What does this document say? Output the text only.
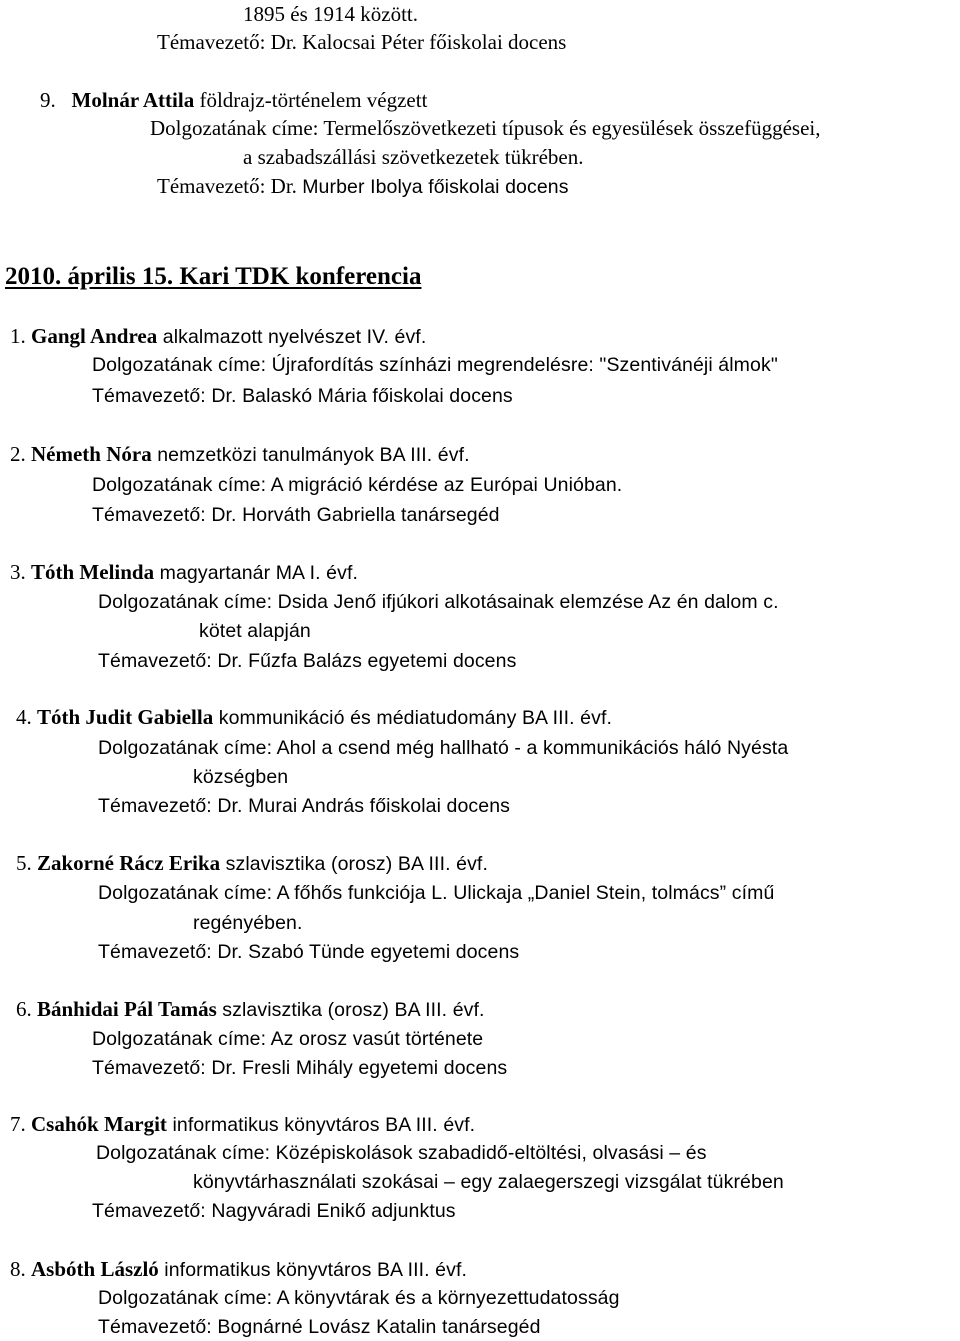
1895 és 1914 között.
Témavezető: Dr. Kalocsai Péter főiskolai docens
9. Molnár Attila földrajz-történelem végzett
Dolgozatának címe: Termelőszövetkezeti típusok és egyesülések összefüggései,
a szabadszállási szövetkezetek tükrében.
Témavezető: Dr. Murber Ibolya főiskolai docens
2010. április 15. Kari TDK konferencia
1. Gangl Andrea alkalmazott nyelvészet IV. évf.
Dolgozatának címe: Újrafordítás színházi megrendelésre: "Szentivánéji álmok"
Témavezető: Dr. Balaskó Mária főiskolai docens
2. Németh Nóra nemzetközi tanulmányok BA III. évf.
Dolgozatának címe: A migráció kérdése az Európai Unióban.
Témavezető: Dr. Horváth Gabriella tanársegéd
3. Tóth Melinda magyartanár MA I. évf.
Dolgozatának címe: Dsida Jenő ifjúkori alkotásainak elemzése Az én dalom c.
kötet alapján
Témavezető: Dr. Fűzfa Balázs egyetemi docens
4. Tóth Judit Gabiella kommunikáció és médiatudomány BA III. évf.
Dolgozatának címe: Ahol a csend még hallható - a kommunikációs háló Nyésta
községben
Témavezető: Dr. Murai András főiskolai docens
5. Zakorné Rácz Erika szlavisztika (orosz) BA III. évf.
Dolgozatának címe: A főhős funkciója L. Ulickaja „Daniel Stein, tolmács” című
regényében.
Témavezető: Dr. Szabó Tünde egyetemi docens
6. Bánhidai Pál Tamás szlavisztika (orosz) BA III. évf.
Dolgozatának címe: Az orosz vasút története
Témavezető: Dr. Fresli Mihály egyetemi docens
7. Csahók Margit informatikus könyvtáros BA III. évf.
Dolgozatának címe: Középiskolások szabadidő-eltöltési, olvasási – és
könyvtárhasználati szokásai – egy zalaegerszegi vizsgálat tükrében
Témavezető: Nagyváradi Enikő adjunktus
8. Asbóth László informatikus könyvtáros BA III. évf.
Dolgozatának címe: A könyvtárak és a környezettudatosság
Témavezető: Bognárné Lovász Katalin tanársegéd
